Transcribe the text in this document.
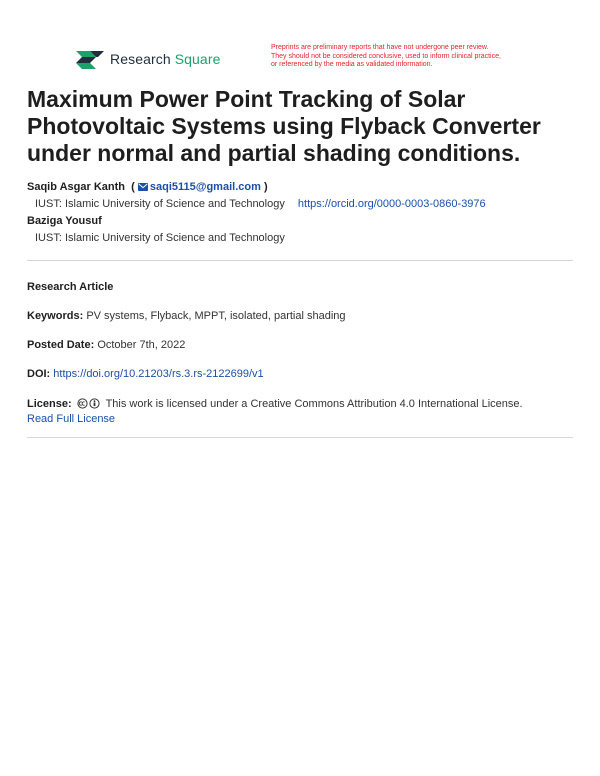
Research Square
Preprints are preliminary reports that have not undergone peer review.
They should not be considered conclusive, used to inform clinical practice,
or referenced by the media as validated information.
Maximum Power Point Tracking of Solar Photovoltaic Systems using Flyback Converter under normal and partial shading conditions.
Saqib Asgar Kanth ( saqi5115@gmail.com )
IUST: Islamic University of Science and Technology https://orcid.org/0000-0003-0860-3976
Baziga Yousuf
IUST: Islamic University of Science and Technology
Research Article
Keywords: PV systems, Flyback, MPPT, isolated, partial shading
Posted Date: October 7th, 2022
DOI: https://doi.org/10.21203/rs.3.rs-2122699/v1
License:	This work is licensed under a Creative Commons Attribution 4.0 International License.
Read Full License
